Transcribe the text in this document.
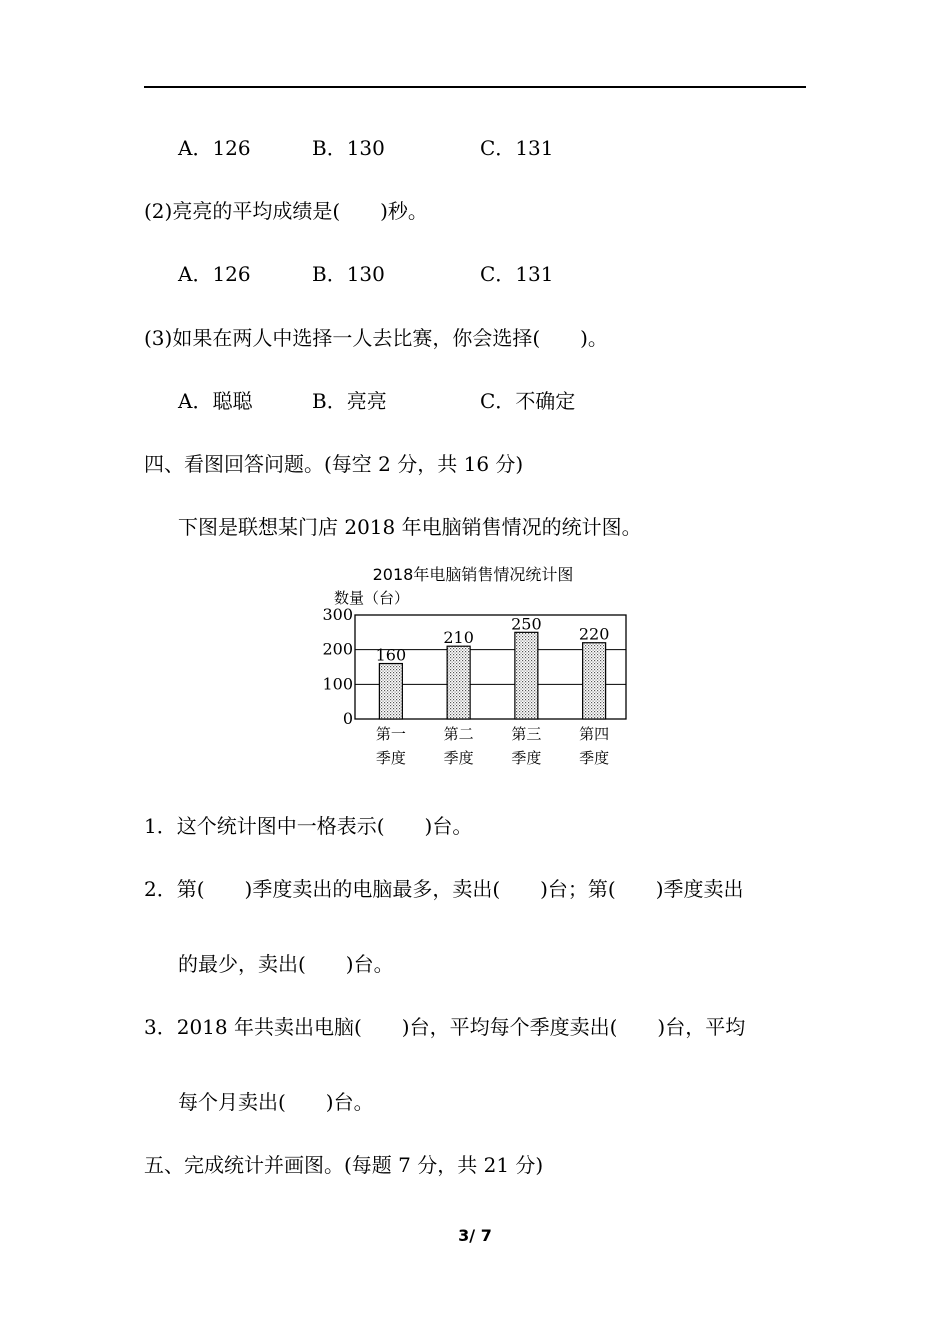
A．126	B．130	C．131
(2)亮亮的平均成绩是(　　)秒。
A．126	B．130	C．131
(3)如果在两人中选择一人去比赛，你会选择(　　)。
A．聪聪	B．亮亮	C．不确定
四、看图回答问题。(每空 2 分，共 16 分)
下图是联想某门店 2018 年电脑销售情况的统计图。
2018年电脑销售情况统计图
数量（台）
160
210
250
220
0
100
200
300
第一
季度
第二
季度
第三
季度
第四
季度
1．这个统计图中一格表示(　　)台。
2．第(　　)季度卖出的电脑最多，卖出(　　)台；第(　　)季度卖出
的最少，卖出(　　)台。
3．2018 年共卖出电脑(　　)台，平均每个季度卖出(　　)台，平均
每个月卖出(　　)台。
五、完成统计并画图。(每题 7 分，共 21 分)
3/ 7
